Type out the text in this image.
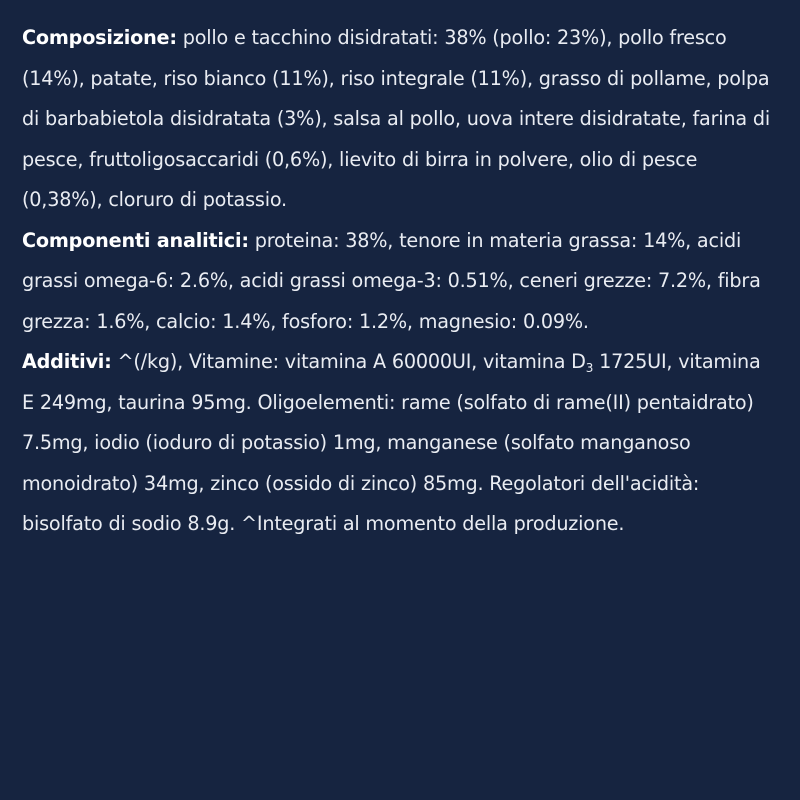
Composizione: pollo e tacchino disidratati: 38% (pollo: 23%), pollo fresco (14%), patate, riso bianco (11%), riso integrale (11%), grasso di pollame, polpa di barbabietola disidratata (3%), salsa al pollo, uova intere disidratate, farina di pesce, fruttoligosaccaridi (0,6%), lievito di birra in polvere, olio di pesce (0,38%), cloruro di potassio.

Componenti analitici: proteina: 38%, tenore in materia grassa: 14%, acidi grassi omega-6: 2.6%, acidi grassi omega-3: 0.51%, ceneri grezze: 7.2%, fibra grezza: 1.6%, calcio: 1.4%, fosforo: 1.2%, magnesio: 0.09%.

Additivi: ^(/kg), Vitamine: vitamina A 60000UI, vitamina $D_3$ 1725UI, vitamina E 249mg, taurina 95mg. Oligoelementi: rame (solfato di rame(II) pentaidrato) 7.5mg, iodio (ioduro di potassio) 1mg, manganese (solfato manganoso monoidrato) 34mg, zinco (ossido di zinco) 85mg. Regolatori dell'acidità: bisolfato di sodio 8.9g. ^Integrati al momento della produzione.
